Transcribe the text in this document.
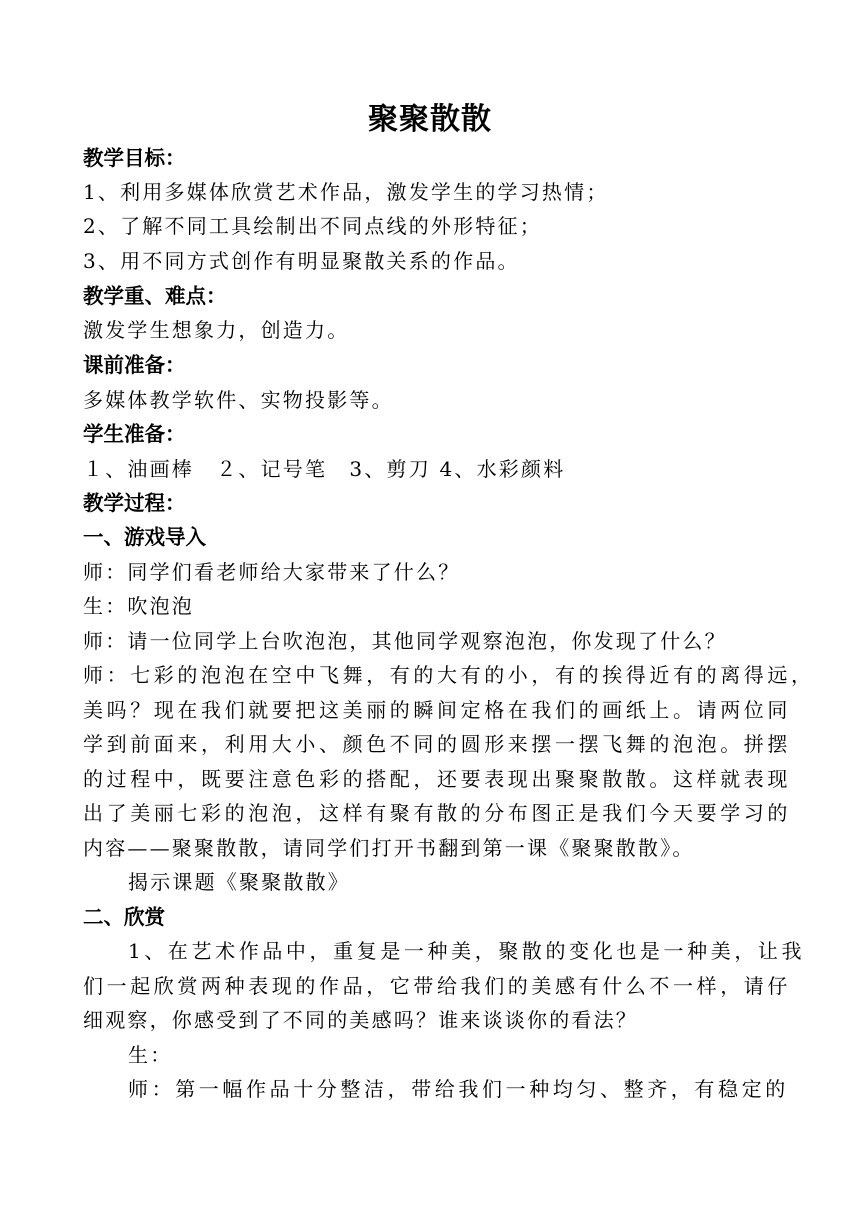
聚聚散散
教学目标：
1、利用多媒体欣赏艺术作品，激发学生的学习热情；
2、了解不同工具绘制出不同点线的外形特征；
3、用不同方式创作有明显聚散关系的作品。
教学重、难点：
激发学生想象力，创造力。
课前准备：
多媒体教学软件、实物投影等。
学生准备：
１、油画棒　２、记号笔　3、剪刀 4、水彩颜料
教学过程：
一、游戏导入
师：同学们看老师给大家带来了什么？
生：吹泡泡
师：请一位同学上台吹泡泡，其他同学观察泡泡，你发现了什么？
师：七彩的泡泡在空中飞舞，有的大有的小，有的挨得近有的离得远，
美吗？现在我们就要把这美丽的瞬间定格在我们的画纸上。请两位同
学到前面来，利用大小、颜色不同的圆形来摆一摆飞舞的泡泡。拼摆
的过程中，既要注意色彩的搭配，还要表现出聚聚散散。这样就表现
出了美丽七彩的泡泡，这样有聚有散的分布图正是我们今天要学习的
内容——聚聚散散，请同学们打开书翻到第一课《聚聚散散》。
揭示课题《聚聚散散》
二、欣赏
1、在艺术作品中，重复是一种美，聚散的变化也是一种美，让我
们一起欣赏两种表现的作品，它带给我们的美感有什么不一样，请仔
细观察，你感受到了不同的美感吗？谁来谈谈你的看法？
生：
师：第一幅作品十分整洁，带给我们一种均匀、整齐，有稳定的
